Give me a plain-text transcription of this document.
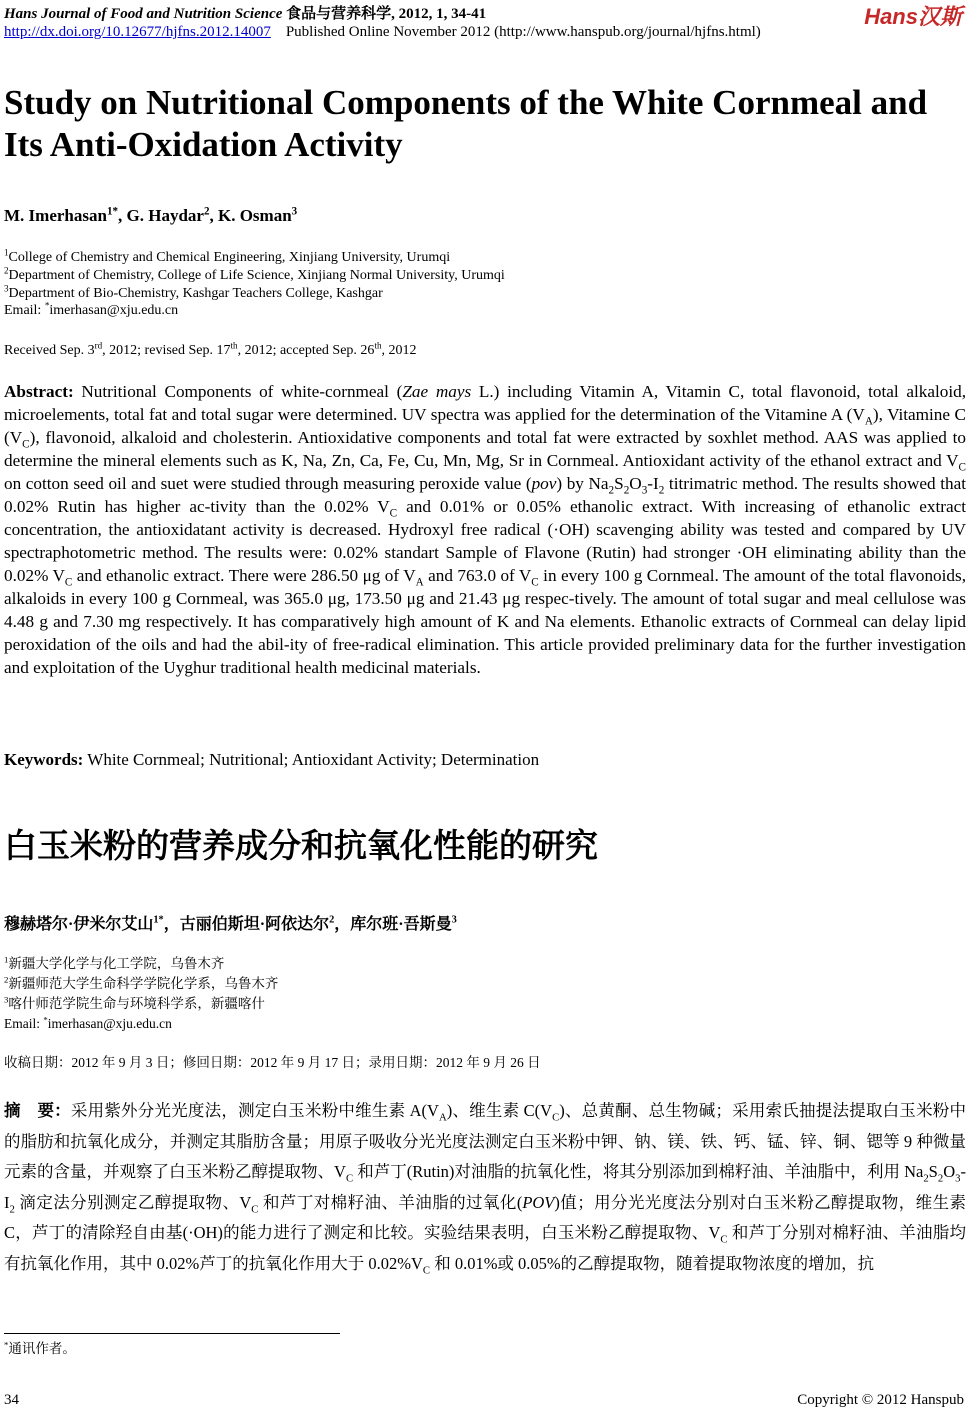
Hans Journal of Food and Nutrition Science 食品与营养科学, 2012, 1, 34-41
http://dx.doi.org/10.12677/hjfns.2012.14007 Published Online November 2012 (http://www.hanspub.org/journal/hjfns.html)
Hans汉斯
Study on Nutritional Components of the White Cornmeal and Its Anti-Oxidation Activity
M. Imerhasan$^{1*}$, G. Haydar$^2$, K. Osman$^3$
$^1$College of Chemistry and Chemical Engineering, Xinjiang University, Urumqi
$^2$Department of Chemistry, College of Life Science, Xinjiang Normal University, Urumqi
$^3$Department of Bio-Chemistry, Kashgar Teachers College, Kashgar
Email: *imerhasan@xju.edu.cn
Received Sep. 3rd, 2012; revised Sep. 17th, 2012; accepted Sep. 26th, 2012
Abstract: Nutritional Components of white-cornmeal (Zae mays L.) including Vitamin A, Vitamin C, total flavonoid, total alkaloid, microelements, total fat and total sugar were determined. UV spectra was applied for the determination of the Vitamine A $(V_A)$, Vitamine C $(V_C)$, flavonoid, alkaloid and cholesterin. Antioxidative components and total fat were extracted by soxhlet method. AAS was applied to determine the mineral elements such as K, Na, Zn, Ca, Fe, Cu, Mn, Mg, Sr in Cornmeal. Antioxidant activity of the ethanol extract and $V_C$ on cotton seed oil and suet were studied through measuring peroxide value (pov) by $Na_2S_2O_3-I_2$ titrimatric method. The results showed that 0.02% Rutin has higher ac-tivity than the 0.02% $V_C$ and 0.01% or 0.05% ethanolic extract. With increasing of ethanolic extract concentration, the antioxidatant activity is decreased. Hydroxyl free radical (·OH) scavenging ability was tested and compared by UV spectraphotometric method. The results were: 0.02% standart Sample of Flavone (Rutin) had stronger ·OH eliminating ability than the 0.02% $V_C$ and ethanolic extract. There were 286.50 μg of $V_A$ and 763.0 of $V_C$ in every 100 g Cornmeal. The amount of the total flavonoids, alkaloids in every 100 g Cornmeal, was 365.0 μg, 173.50 μg and 21.43 μg respec-tively. The amount of total sugar and meal cellulose was 4.48 g and 7.30 mg respectively. It has comparatively high amount of K and Na elements. Ethanolic extracts of Cornmeal can delay lipid peroxidation of the oils and had the abil-ity of free-radical elimination. This article provided preliminary data for the further investigation and exploitation of the Uyghur traditional health medicinal materials.
Keywords: White Cornmeal; Nutritional; Antioxidant Activity; Determination
白玉米粉的营养成分和抗氧化性能的研究
穆赫塔尔·伊米尔艾山$^{1*}$，古丽伯斯坦·阿依达尔$^2$，库尔班·吾斯曼$^3$
$^1$新疆大学化学与化工学院，乌鲁木齐
$^2$新疆师范大学生命科学学院化学系，乌鲁木齐
$^3$喀什师范学院生命与环境科学系，新疆喀什
Email: *imerhasan@xju.edu.cn
收稿日期：2012 年 9 月 3 日；修回日期：2012 年 9 月 17 日；录用日期：2012 年 9 月 26 日
摘　要：采用紫外分光光度法，测定白玉米粉中维生素 $A(V_A)$、维生素 $C(V_C)$、总黄酮、总生物碱；采用索氏抽提法提取白玉米粉中的脂肪和抗氧化成分，并测定其脂肪含量；用原子吸收分光光度法测定白玉米粉中钾、钠、镁、铁、钙、锰、锌、铜、锶等 9 种微量元素的含量，并观察了白玉米粉乙醇提取物、$V_C$ 和芦丁(Rutin)对油脂的抗氧化性，将其分别添加到棉籽油、羊油脂中，利用 $Na_2S_2O_3-I_2$ 滴定法分别测定乙醇提取物、$V_C$ 和芦丁对棉籽油、羊油脂的过氧化(POV)值；用分光光度法分别对白玉米粉乙醇提取物，维生素 C，芦丁的清除羟自由基(·OH)的能力进行了测定和比较。实验结果表明，白玉米粉乙醇提取物、$V_C$ 和芦丁分别对棉籽油、羊油脂均有抗氧化作用，其中 0.02%芦丁的抗氧化作用大于 $0.02\%V_C$ 和 0.01%或 0.05%的乙醇提取物，随着提取物浓度的增加，抗
*通讯作者。
34	Copyright © 2012 Hanspub
